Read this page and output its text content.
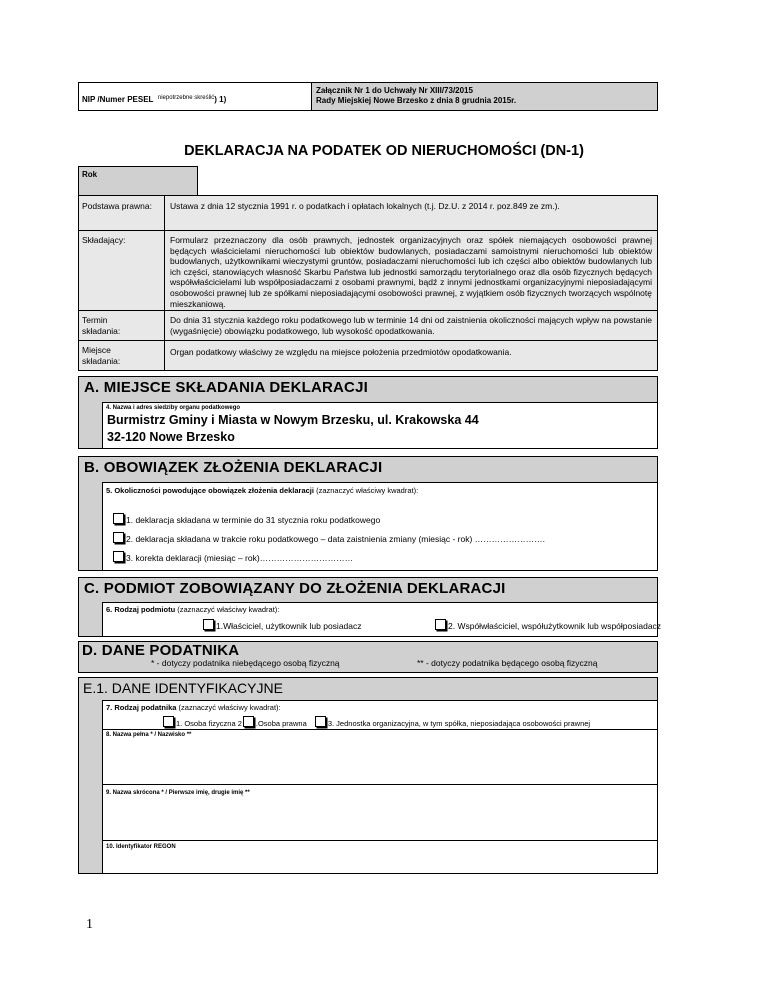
NIP /Numer PESEL niepotrzebne skreślić) 1)
Załącznik Nr 1 do Uchwały Nr XIII/73/2015
Rady Miejskiej Nowe Brzesko z dnia 8 grudnia 2015r.
DEKLARACJA NA PODATEK OD NIERUCHOMOŚCI (DN-1)
Rok
Podstawa prawna:	Ustawa z dnia 12 stycznia 1991 r. o podatkach i opłatach lokalnych (t.j. Dz.U. z 2014 r. poz.849 ze zm.).
Składający:	Formularz przeznaczony dla osób prawnych, jednostek organizacyjnych oraz spółek niemających osobowości prawnej będących właścicielami nieruchomości lub obiektów budowlanych, posiadaczami samoistnymi nieruchomości lub obiektów budowlanych, użytkownikami wieczystymi gruntów, posiadaczami nieruchomości lub ich części albo obiektów budowlanych lub ich części, stanowiących własność Skarbu Państwa lub jednostki samorządu terytorialnego oraz dla osób fizycznych będących współwłaścicielami lub współposiadaczami z osobami prawnymi, bądź z innymi jednostkami organizacyjnymi nieposiadającymi osobowości prawnej lub ze spółkami nieposiadającymi osobowości prawnej, z wyjątkiem osób fizycznych tworzących wspólnotę mieszkaniową.
Termin składania:
Do dnia 31 stycznia każdego roku podatkowego lub w terminie 14 dni od zaistnienia okoliczności mających wpływ na powstanie (wygaśnięcie) obowiązku podatkowego, lub wysokość opodatkowania.
Miejsce składania:
Organ podatkowy właściwy ze względu na miejsce położenia przedmiotów opodatkowania.
A. MIEJSCE SKŁADANIA DEKLARACJI
4. Nazwa i adres siedziby organu podatkowego
Burmistrz Gminy i Miasta w Nowym Brzesku, ul. Krakowska 44
32-120 Nowe Brzesko
B. OBOWIĄZEK ZŁOŻENIA DEKLARACJI
5. Okoliczności powodujące obowiązek złożenia deklaracji (zaznaczyć właściwy kwadrat):
1. deklaracja składana w terminie do 31 stycznia roku podatkowego
2. deklaracja składana w trakcie roku podatkowego – data zaistnienia zmiany (miesiąc - rok) …………………….
3. korekta deklaracji (miesiąc – rok)……………………………
C. PODMIOT ZOBOWIĄZANY DO ZŁOŻENIA DEKLARACJI
6. Rodzaj podmiotu (zaznaczyć właściwy kwadrat):
1.Właściciel, użytkownik lub posiadacz	2. Współwłaściciel, współużytkownik lub współposiadacz
D. DANE PODATNIKA
* - dotyczy podatnika niebędącego osobą fizyczną	** - dotyczy podatnika będącego osobą fizyczną
E.1. DANE IDENTYFIKACYJNE
7. Rodzaj podatnika (zaznaczyć właściwy kwadrat):
1. Osoba fizyczna 2 .Osoba prawna	3. Jednostka organizacyjna, w tym spółka, nieposiadająca osobowości prawnej
8. Nazwa pełna * / Nazwisko **
9. Nazwa skrócona * / Pierwsze imię, drugie imię **
10. Identyfikator REGON
1
